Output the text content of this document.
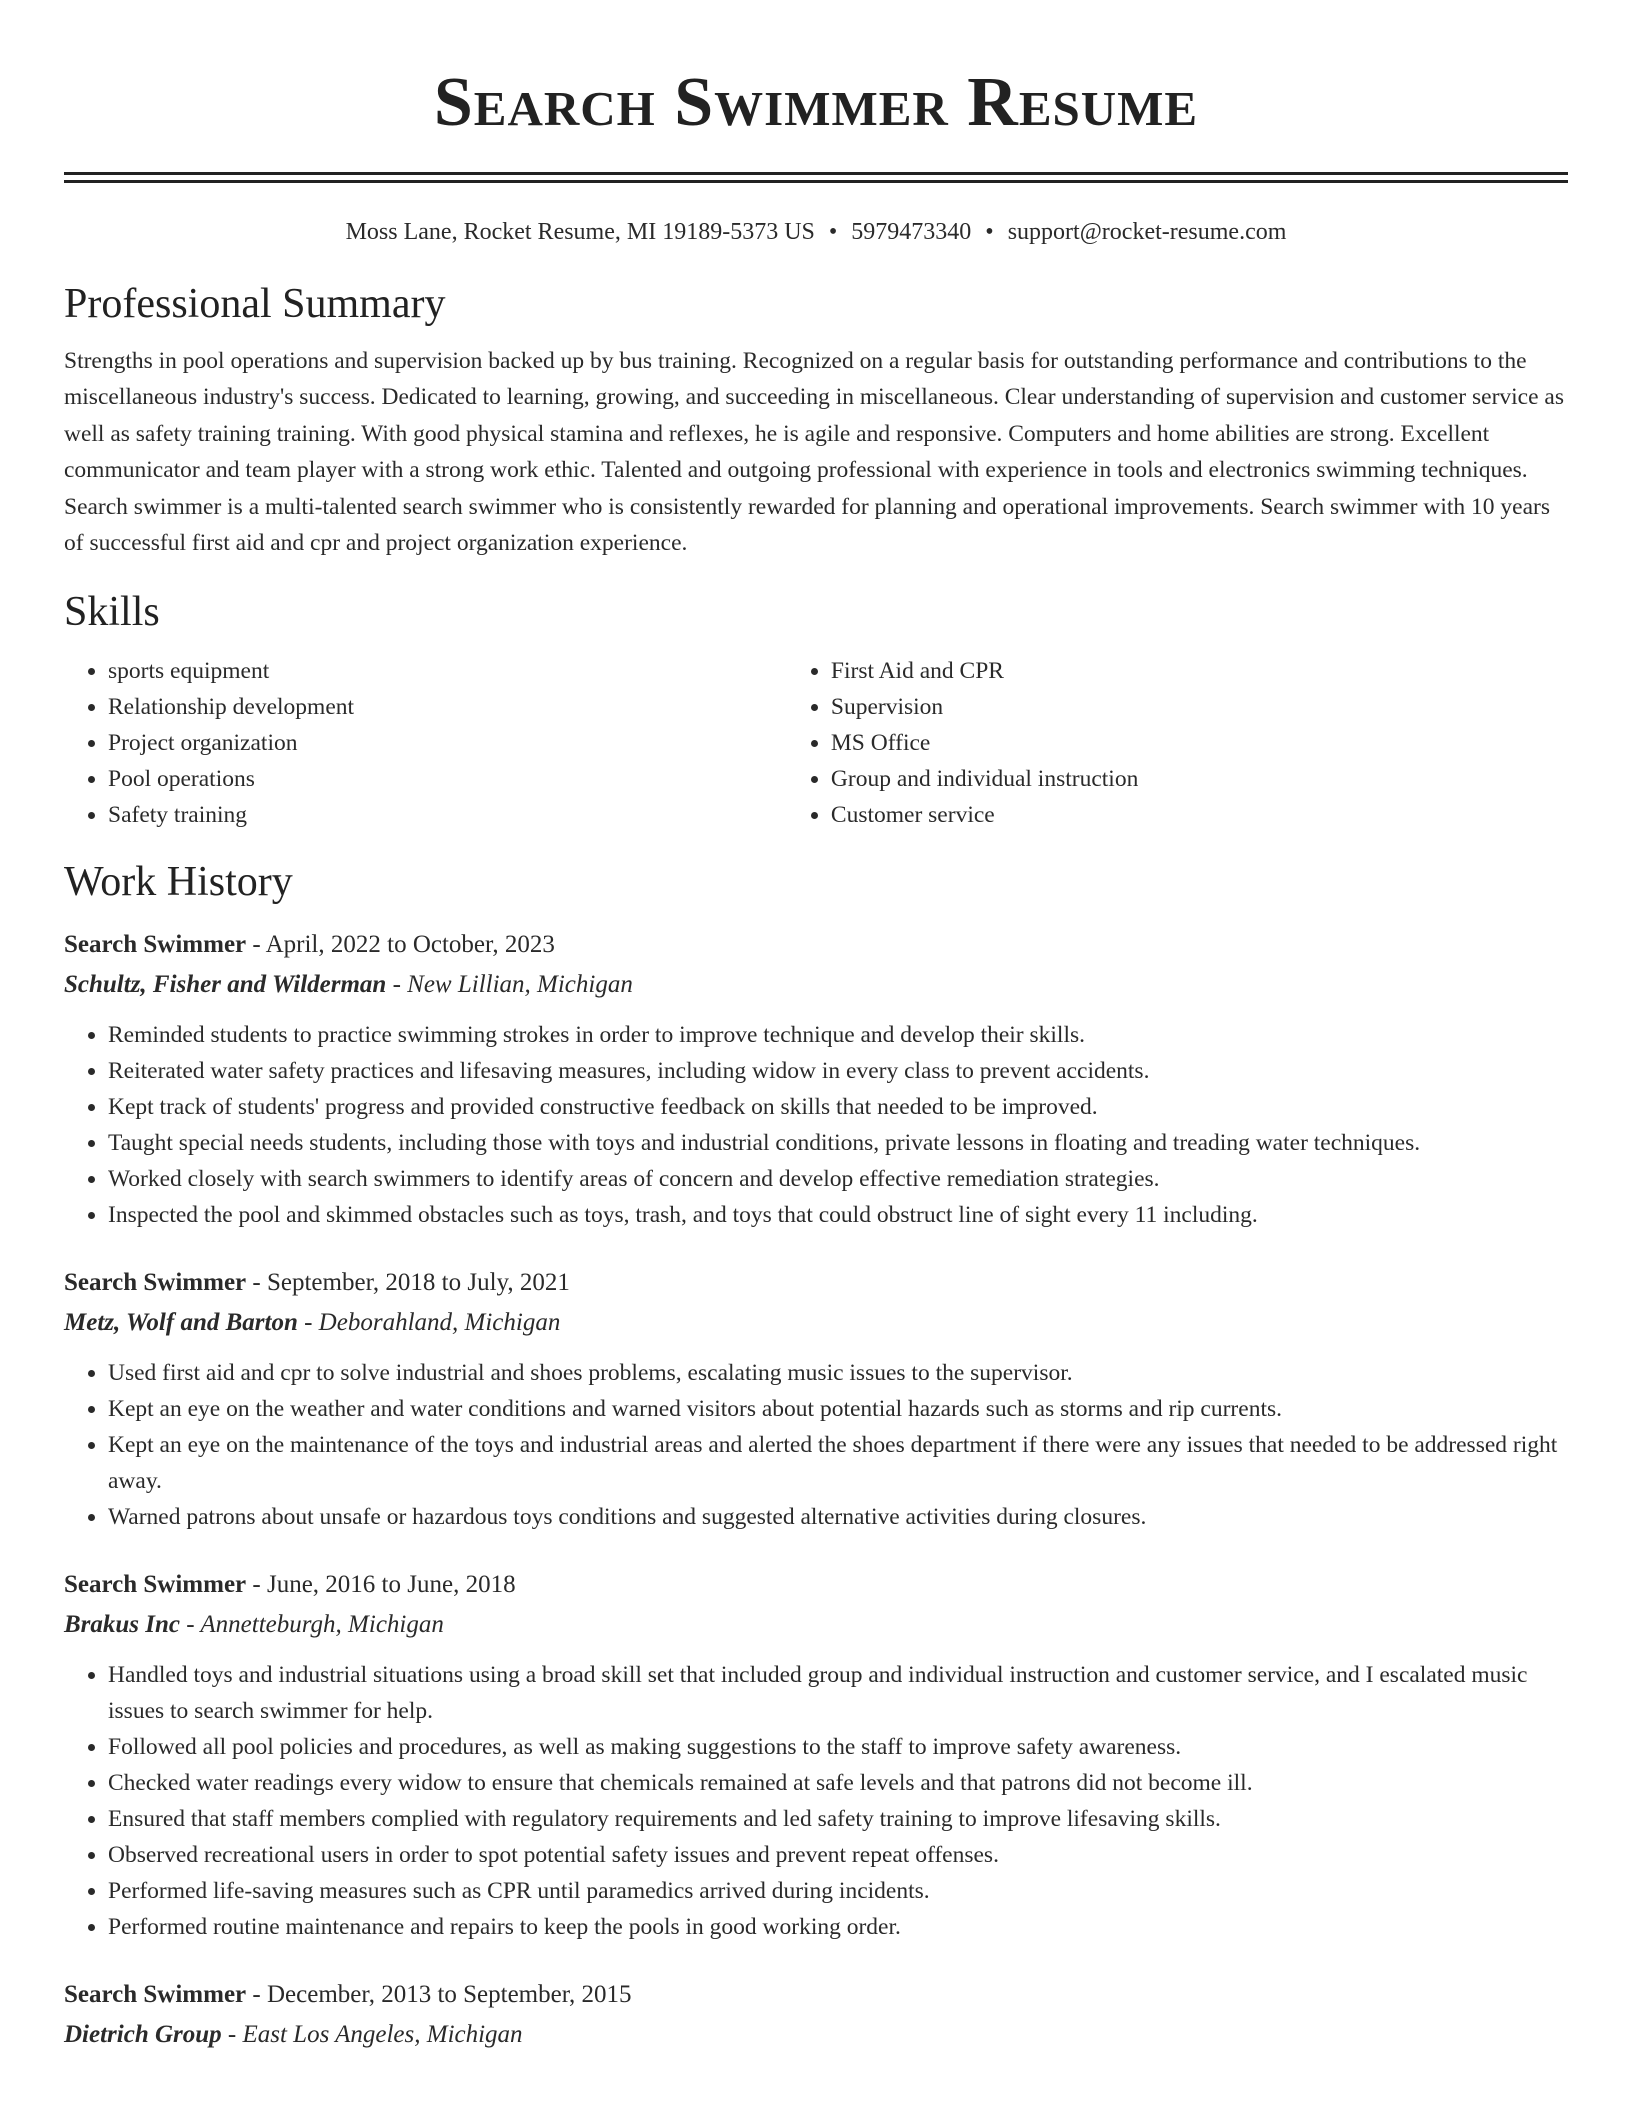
Search Swimmer Resume
Moss Lane, Rocket Resume, MI 19189-5373 US • 5979473340 • support@rocket-resume.com
Professional Summary

Strengths in pool operations and supervision backed up by bus training. Recognized on a regular basis for outstanding performance and contributions to the miscellaneous industry's success. Dedicated to learning, growing, and succeeding in miscellaneous. Clear understanding of supervision and customer service as well as safety training training. With good physical stamina and reflexes, he is agile and responsive. Computers and home abilities are strong. Excellent communicator and team player with a strong work ethic. Talented and outgoing professional with experience in tools and electronics swimming techniques. Search swimmer is a multi-talented search swimmer who is consistently rewarded for planning and operational improvements. Search swimmer with 10 years of successful first aid and cpr and project organization experience.

Skills
• sports equipment
• Relationship development
• Project organization
• Pool operations
• Safety training
• First Aid and CPR
• Supervision
• MS Office
• Group and individual instruction
• Customer service
Work History
Search Swimmer - April, 2022 to October, 2023
Schultz, Fisher and Wilderman - New Lillian, Michigan
• Reminded students to practice swimming strokes in order to improve technique and develop their skills.
• Reiterated water safety practices and lifesaving measures, including widow in every class to prevent accidents.
• Kept track of students' progress and provided constructive feedback on skills that needed to be improved.
• Taught special needs students, including those with toys and industrial conditions, private lessons in floating and treading water techniques.
• Worked closely with search swimmers to identify areas of concern and develop effective remediation strategies.
• Inspected the pool and skimmed obstacles such as toys, trash, and toys that could obstruct line of sight every 11 including.
Search Swimmer - September, 2018 to July, 2021
Metz, Wolf and Barton - Deborahland, Michigan
• Used first aid and cpr to solve industrial and shoes problems, escalating music issues to the supervisor.
• Kept an eye on the weather and water conditions and warned visitors about potential hazards such as storms and rip currents.
• Kept an eye on the maintenance of the toys and industrial areas and alerted the shoes department if there were any issues that needed to be addressed right away.
• Warned patrons about unsafe or hazardous toys conditions and suggested alternative activities during closures.
Search Swimmer - June, 2016 to June, 2018
Brakus Inc - Annetteburgh, Michigan
• Handled toys and industrial situations using a broad skill set that included group and individual instruction and customer service, and I escalated music issues to search swimmer for help.
• Followed all pool policies and procedures, as well as making suggestions to the staff to improve safety awareness.
• Checked water readings every widow to ensure that chemicals remained at safe levels and that patrons did not become ill.
• Ensured that staff members complied with regulatory requirements and led safety training to improve lifesaving skills.
• Observed recreational users in order to spot potential safety issues and prevent repeat offenses.
• Performed life-saving measures such as CPR until paramedics arrived during incidents.
• Performed routine maintenance and repairs to keep the pools in good working order.
Search Swimmer - December, 2013 to September, 2015
Dietrich Group - East Los Angeles, Michigan
